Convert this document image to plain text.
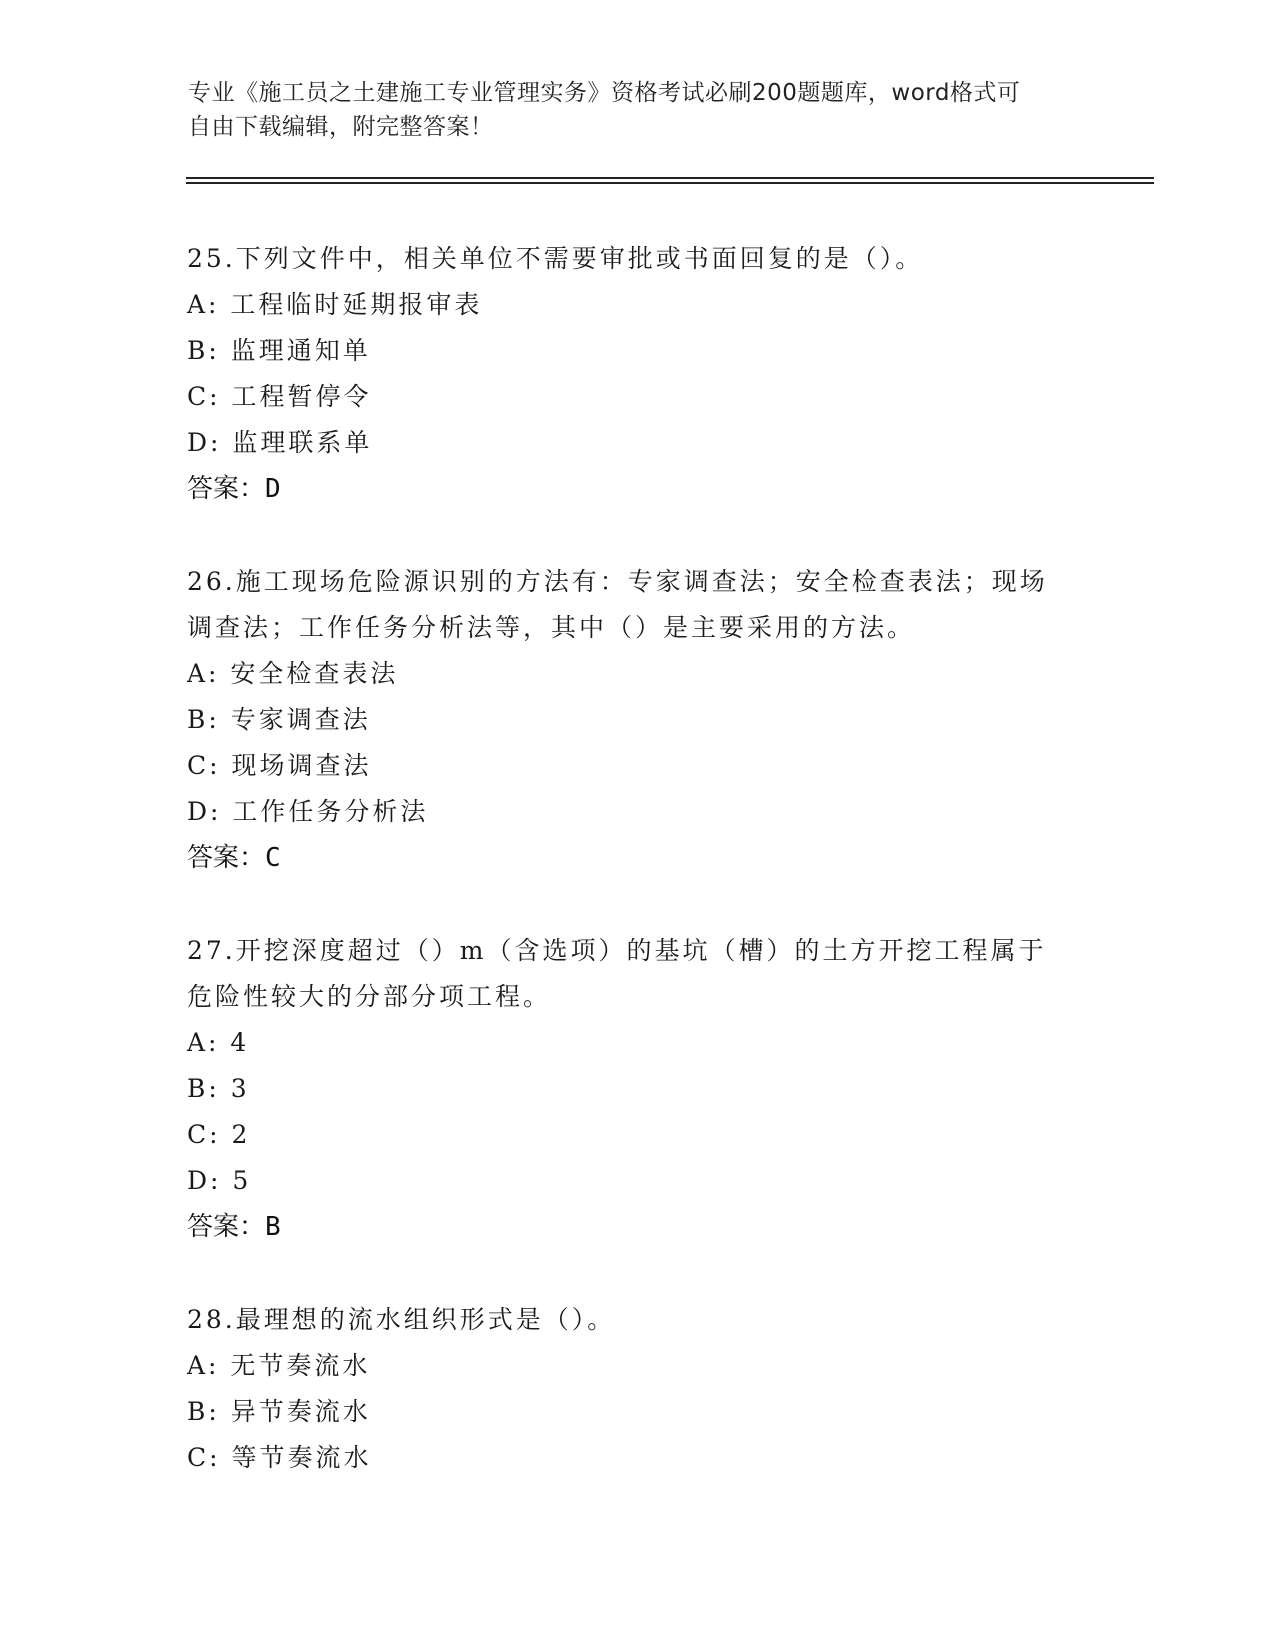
专业《施工员之土建施工专业管理实务》资格考试必刷200题题库，word格式可
自由下载编辑，附完整答案！
25.下列文件中，相关单位不需要审批或书面回复的是（）。
A: 工程临时延期报审表
B: 监理通知单
C: 工程暂停令
D: 监理联系单
答案：D
26.施工现场危险源识别的方法有：专家调查法；安全检查表法；现场
调查法；工作任务分析法等，其中（）是主要采用的方法。
A: 安全检查表法
B: 专家调查法
C: 现场调查法
D: 工作任务分析法
答案：C
27.开挖深度超过（）m（含选项）的基坑（槽）的土方开挖工程属于
危险性较大的分部分项工程。
A: 4
B: 3
C: 2
D: 5
答案：B
28.最理想的流水组织形式是（）。
A: 无节奏流水
B: 异节奏流水
C: 等节奏流水
